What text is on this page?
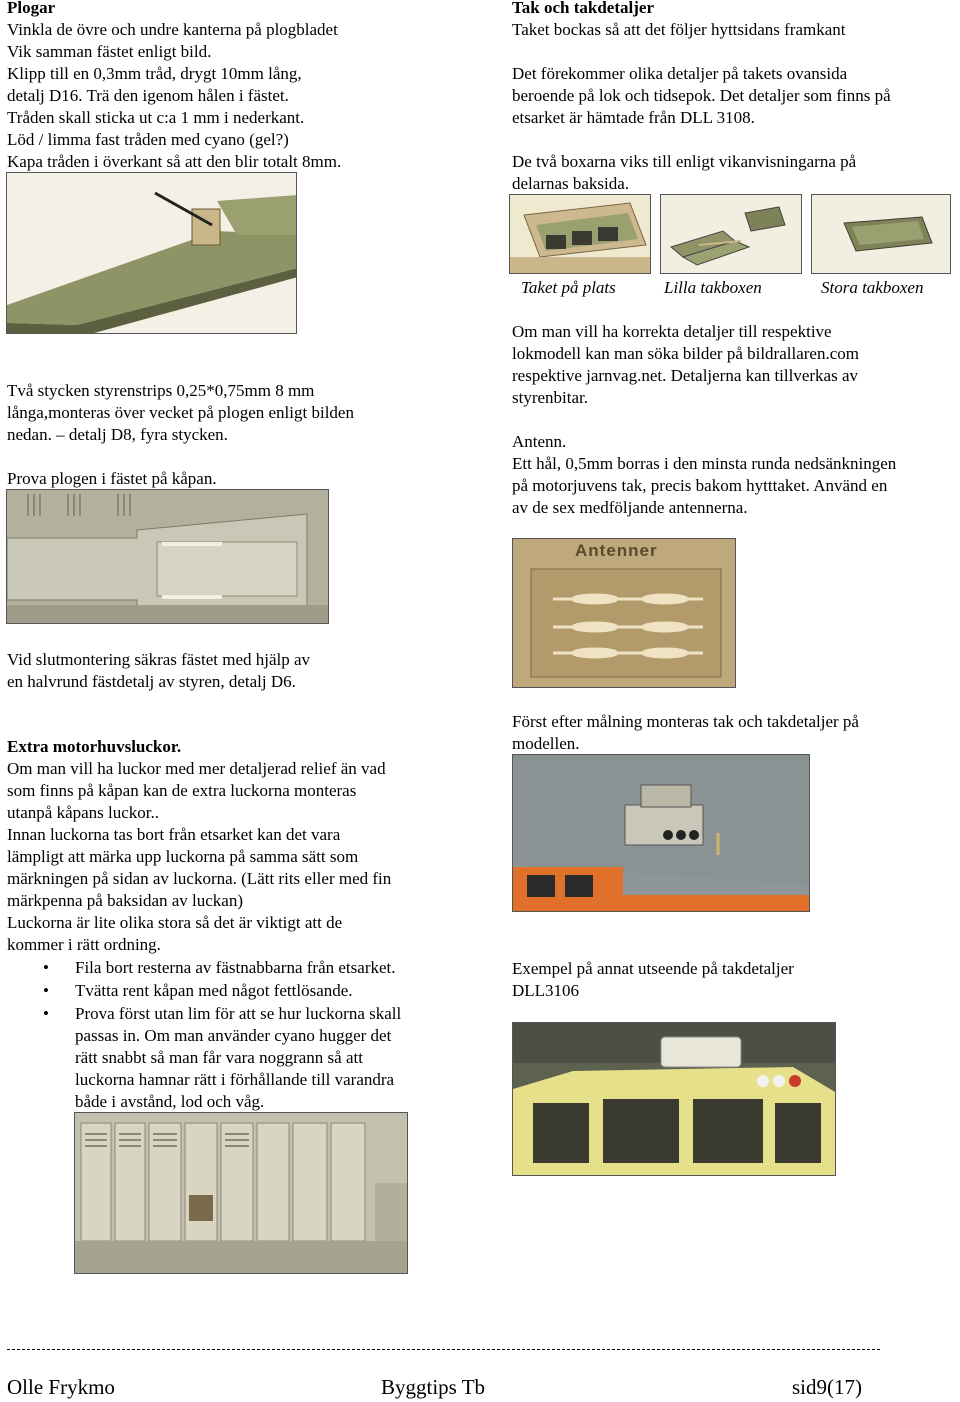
Plogar
Vinkla de övre och undre kanterna på plogbladet
Vik samman fästet enligt bild.
Klipp till en 0,3mm tråd, drygt 10mm lång,
detalj D16. Trä den igenom hålen i fästet.
Tråden skall sticka ut c:a 1 mm i nederkant.
Löd / limma fast tråden med cyano (gel?)
Kapa tråden i överkant så att den blir totalt 8mm.
Två stycken styrenstrips 0,25*0,75mm 8 mm
långa,monteras över vecket på plogen enligt bilden
nedan. – detalj D8, fyra stycken.
Prova plogen i fästet på kåpan.
Vid slutmontering säkras fästet med hjälp av
en halvrund fästdetalj av styren, detalj D6.
Extra motorhuvsluckor.
Om man vill ha luckor med mer detaljerad relief än vad
som finns på kåpan kan de extra luckorna monteras
utanpå kåpans luckor..
Innan luckorna tas bort från etsarket kan det vara
lämpligt att märka upp luckorna på samma sätt som
märkningen på sidan av luckorna. (Lätt rits eller med fin
märkpenna på baksidan av luckan)
Luckorna är lite olika stora så det är viktigt att de
kommer i rätt ordning.
• Fila bort resterna av fästnabbarna från etsarket.
• Tvätta rent kåpan med något fettlösande.
• Prova först utan lim för att se hur luckorna skall
passas in. Om man använder cyano hugger det
rätt snabbt så man får vara noggrann så att
luckorna hamnar rätt i förhållande till varandra
både i avstånd, lod och våg.
Tak och takdetaljer
Taket bockas så att det följer hyttsidans framkant
Det förekommer olika detaljer på takets ovansida
beroende på lok och tidsepok. Det detaljer som finns på
etsarket är hämtade från DLL 3108.
De två boxarna viks till enligt vikanvisningarna på
delarnas baksida.
Taket på plats	Lilla takboxen	Stora takboxen
Om man vill ha korrekta detaljer till respektive
lokmodell kan man söka bilder på bildrallaren.com
respektive jarnvag.net. Detaljerna kan tillverkas av
styrenbitar.
Antenn.
Ett hål, 0,5mm borras i den minsta runda nedsänkningen
på motorjuvens tak, precis bakom hytttaket. Använd en
av de sex medföljande antennerna.
Antenner
Först efter målning monteras tak och takdetaljer på
modellen.
Exempel på annat utseende på takdetaljer
DLL3106
Olle Frykmo	Byggtips Tb	sid9(17)
